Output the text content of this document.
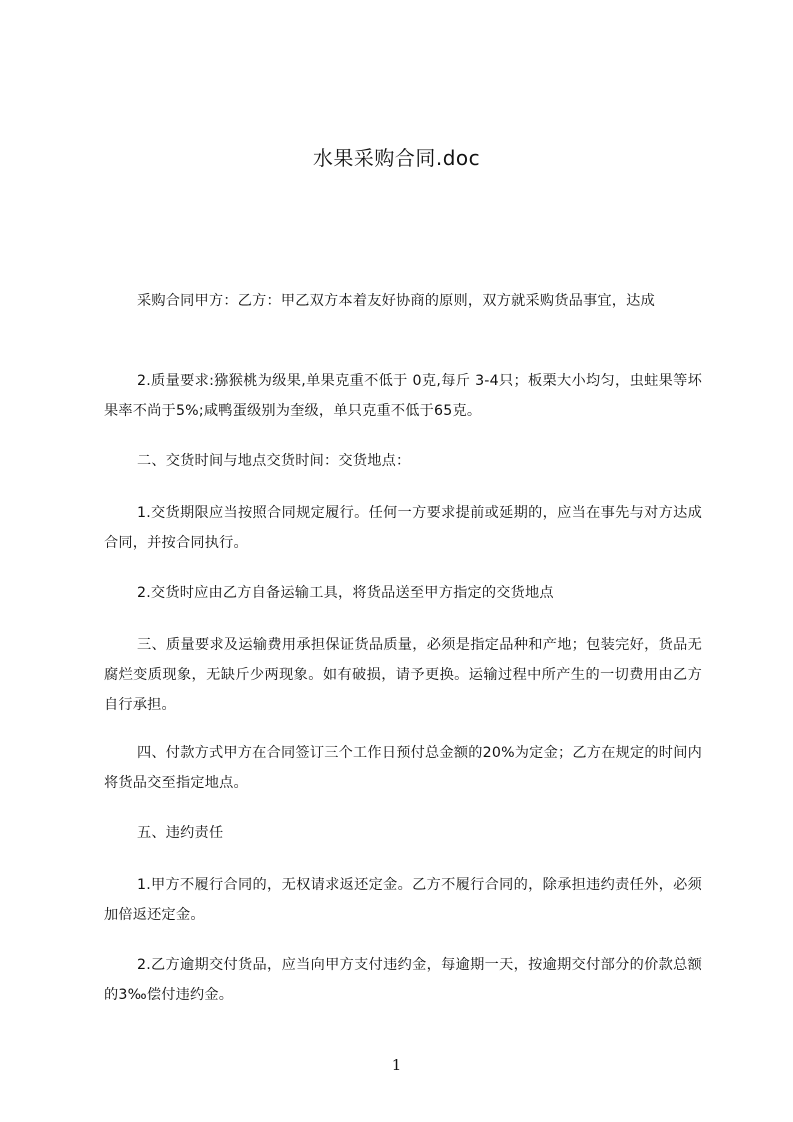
水果采购合同.doc

采购合同甲方：乙方：甲乙双方本着友好协商的原则，双方就采购货品事宜，达成

2.质量要求:猕猴桃为级果,单果克重不低于 0克,每斤 3-4只；板栗大小均匀，虫蛀果等坏果率不尚于5%;咸鸭蛋级别为奎级，单只克重不低于65克。

二、交货时间与地点交货时间：交货地点：

1.交货期限应当按照合同规定履行。任何一方要求提前或延期的，应当在事先与对方达成合同，并按合同执行。

2.交货时应由乙方自备运输工具，将货品送至甲方指定的交货地点

三、质量要求及运输费用承担保证货品质量，必须是指定品种和产地；包装完好，货品无腐烂变质现象，无缺斤少两现象。如有破损，请予更换。运输过程中所产生的一切费用由乙方自行承担。

四、付款方式甲方在合同签订三个工作日预付总金额的20%为定金；乙方在规定的时间内将货品交至指定地点。

五、违约责任

1.甲方不履行合同的，无权请求返还定金。乙方不履行合同的，除承担违约责任外，必须加倍返还定金。

2.乙方逾期交付货品，应当向甲方支付违约金，每逾期一天，按逾期交付部分的价款总额的3‰偿付违约金。

1
